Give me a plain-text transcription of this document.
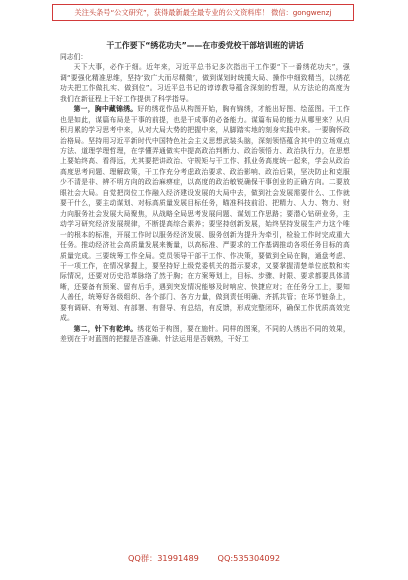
关注头条号“公文研究”，获得最新最全最专业的公文资料库！ 微信：gongwenzj

干工作要下“绣花功夫”——在市委党校干部培训班的讲话

同志们：

天下大事，必作于细。近年来，习近平总书记多次指出干工作要“下一番绣花功夫”，强调“要强化精准思维，坚持‘致广大而尽精微’，做到谋划时统揽大局、操作中细致精当，以绣花功夫把工作做扎实、做到位”。习近平总书记的谆谆教导蕴含深刻的哲理，从方法论的高度为我们在新征程上干好工作提供了科学指导。

第一，胸中藏锦绣。好的绣花作品从构图开始，胸有锦绣，才能出好图、绘蓝图。干工作也是如此，谋篇布局是干事的前提，也是干成事的必备能力。谋篇布局的能力从哪里来？从归积月累的学习思考中来，从对大局大势的把握中来，从脚踏实地的刻身实践中来。一要胸怀政治格局。坚持用习近平新时代中国特色社会主义思想武装头脑，深刻领悟蕴含其中的立场观点方法、道理学理哲理，在学懂弄通做实中提高政治判断力、政治领悟力、政治执行力，在思想上要始终高、看得远，尤其要把讲政治、守规矩与干工作、抓业务高度统一起来，学会从政治高度思考问题、理解政策，干工作充分考虑政治要求、政治影响、政治后果，坚决防止和克服少不清是非、辨不明方向的政治麻痹症，以高度的政治敏锐确保干事创业的正确方向。二要放眼社会大局。自觉把岗位工作融入经济建设发展的大局中去，做到社会发展需要什么、工作就要干什么，要主动谋划、对标高质量发展目标任务，瞄准科技前沿、把精力、人力、物力、财力向服务社会发展大局聚焦，从战略全局思考发展问题、谋划工作思路；要潜心钻研业务，主动学习研究经济发展规律，不断提高综合素养；要坚持创新发展，始终坚持发展生产力这个唯一的根本的标准，开展工作时以服务经济发展、服务创新为提升为牵引，检验工作时完成重大任务。推动经济社会高质量发展来衡量，以高标准、严要求的工作基调推动各项任务目标的高质量完成。三要统筹工作全局。党员领导干部干工作、作决策，要做到全局在胸，通盘考虑、干一项工作，在情况掌握上，要坚持好上级党委机关的指示要求，又要掌握清楚单位底数和实际情况，还要对历史沿革脉络了然于胸；在方案筹划上，目标、步骤、时限、要求都要具体清晰，还要备有预案、留有后手，遇到突发情况能够及时响应、快捷应对；在任务分工上，要知人善任，统筹好各级组织、各个部门、各方力量，做到责任明确、齐抓共管；在环节链条上，要有调研、有筹划、有部署、有督导、有总结，有反馈，形成完整闭环，确保工作优质高效完成。

第二，针下有乾坤。绣花始于构图，要在施针。同样的图案，不同的人绣出不同的效果，差别在于对蓝图的把握是否准确、针法运用是否娴熟，干好工

QQ群：31991489 QQ:535304092
